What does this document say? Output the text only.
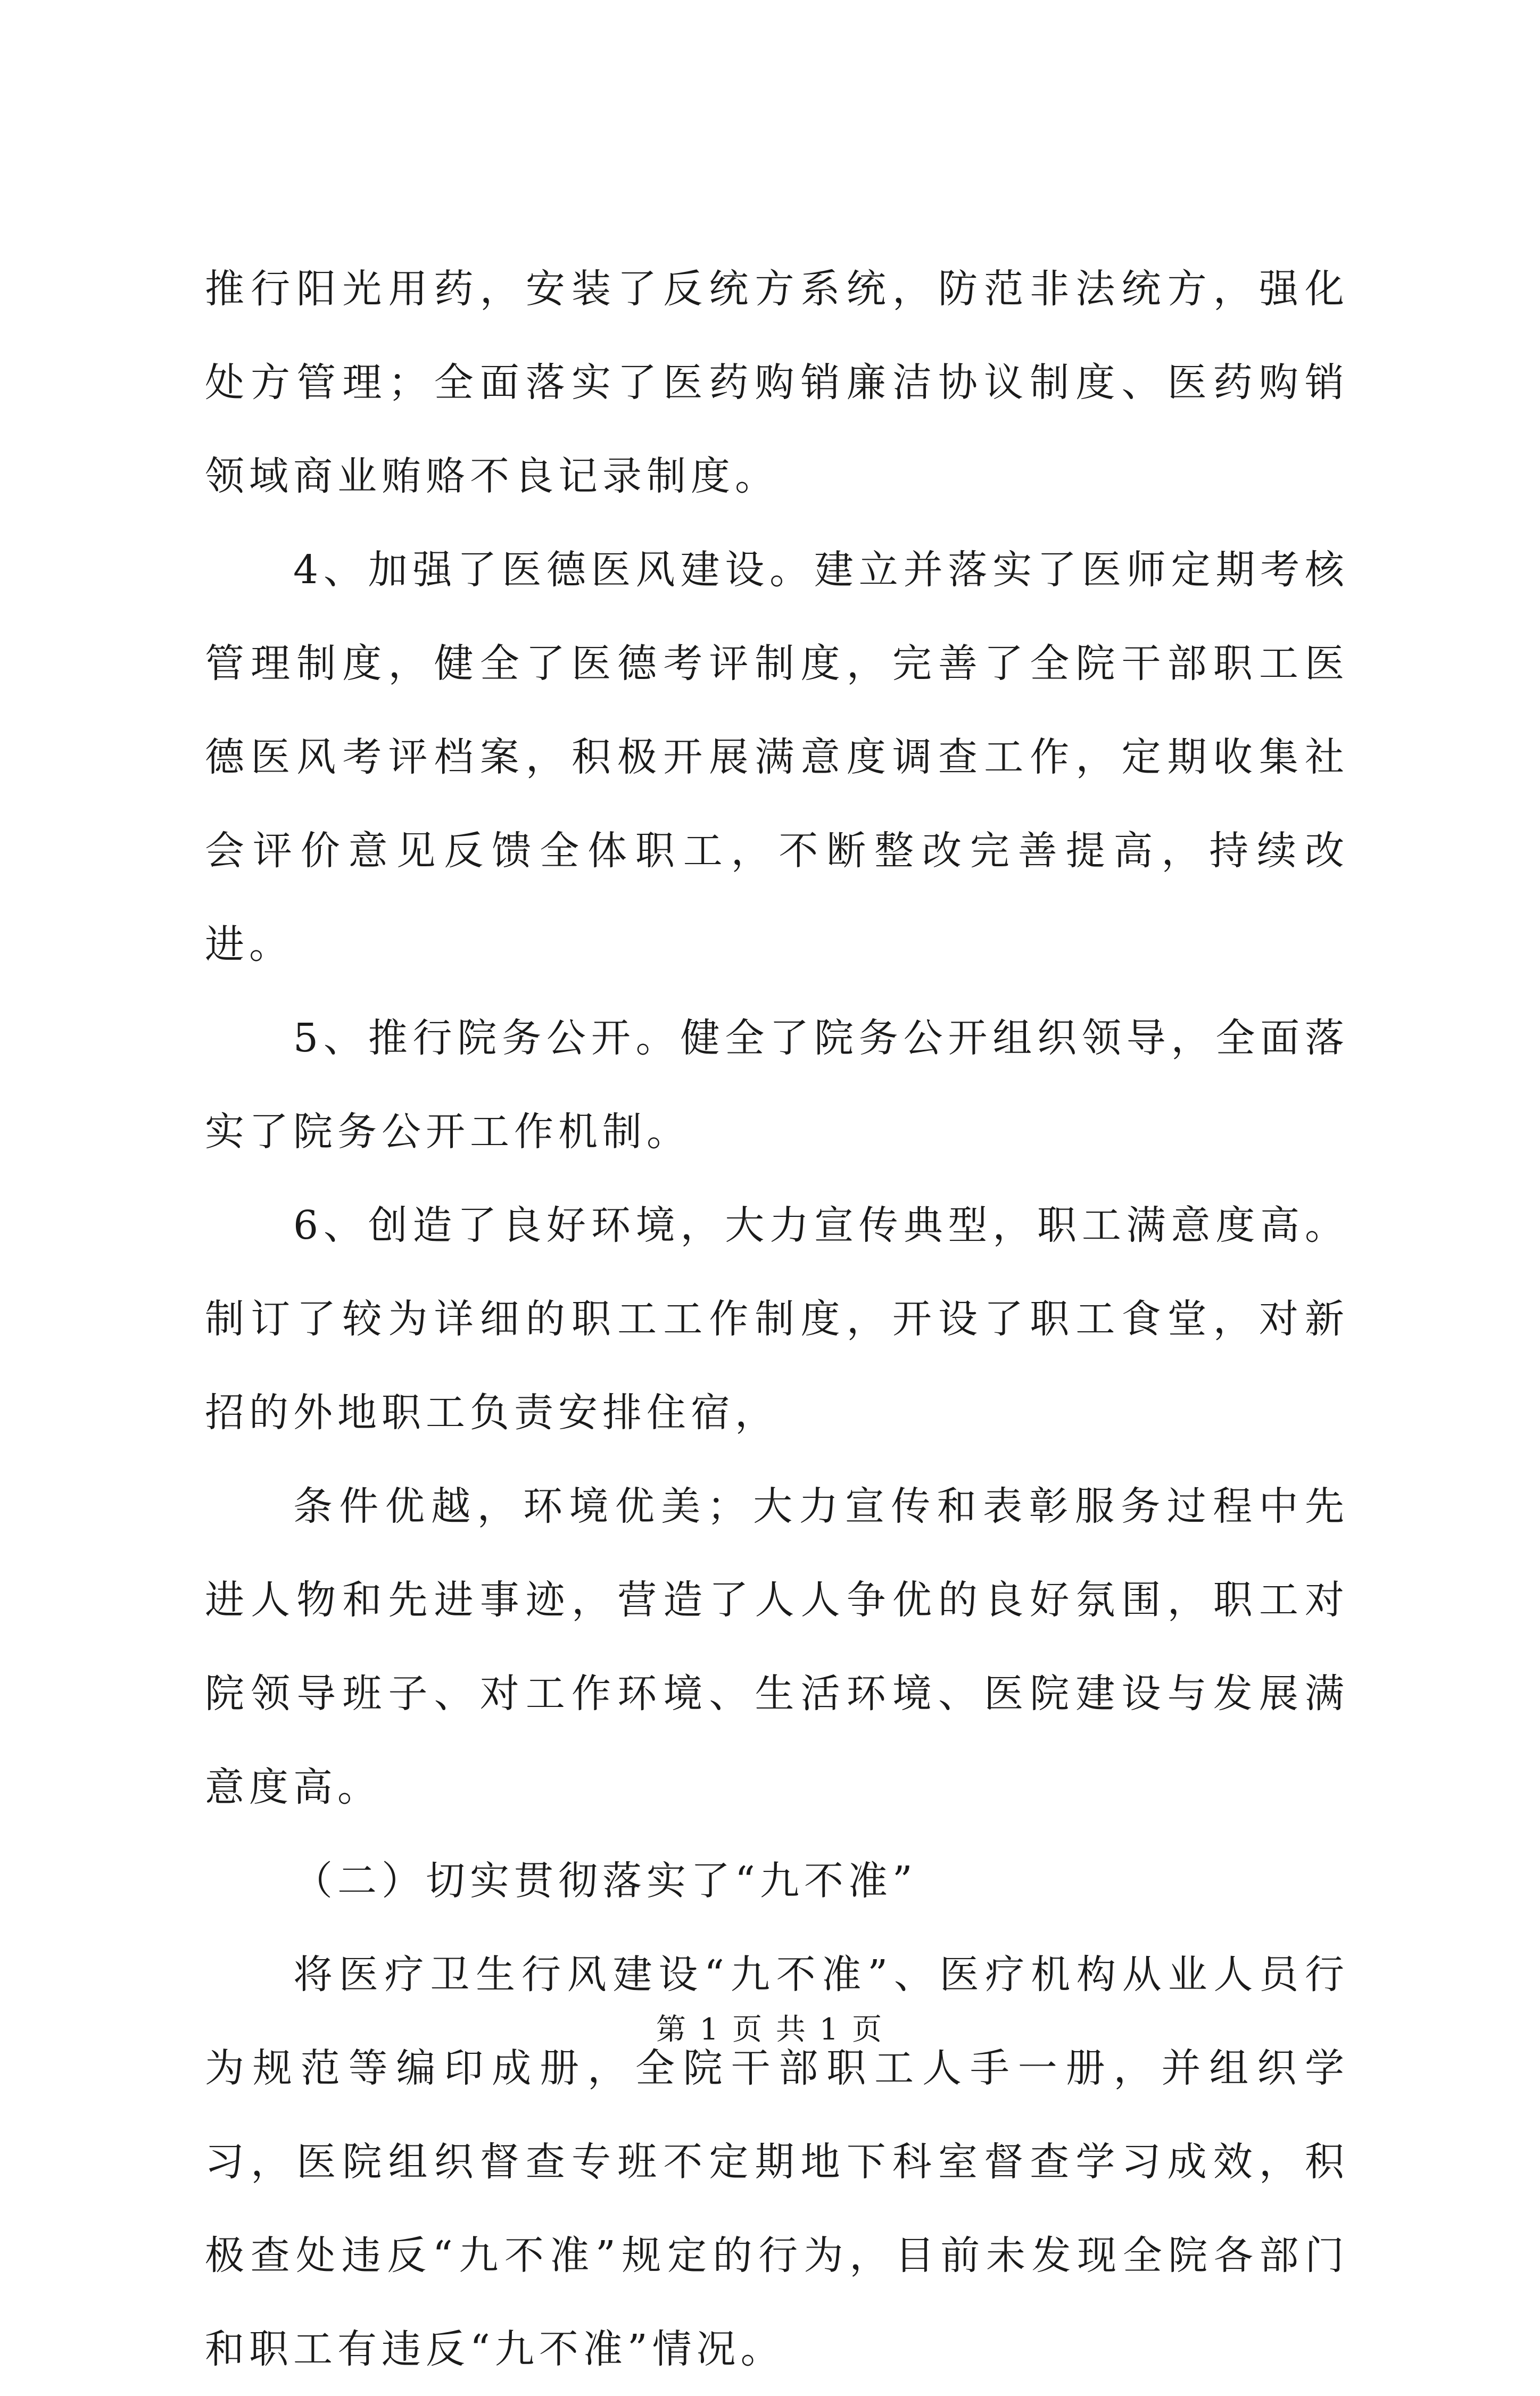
推行阳光用药，安装了反统方系统，防范非法统方，强化处方管理；全面落实了医药购销廉洁协议制度、医药购销领域商业贿赂不良记录制度。

4、加强了医德医风建设。建立并落实了医师定期考核管理制度，健全了医德考评制度，完善了全院干部职工医德医风考评档案，积极开展满意度调查工作，定期收集社会评价意见反馈全体职工，不断整改完善提高，持续改进。

5、推行院务公开。健全了院务公开组织领导，全面落实了院务公开工作机制。

6、创造了良好环境，大力宣传典型，职工满意度高。制订了较为详细的职工工作制度，开设了职工食堂，对新招的外地职工负责安排住宿，

条件优越，环境优美；大力宣传和表彰服务过程中先进人物和先进事迹，营造了人人争优的良好氛围，职工对院领导班子、对工作环境、生活环境、医院建设与发展满意度高。

（二）切实贯彻落实了“九不准”

将医疗卫生行风建设“九不准”、医疗机构从业人员行为规范等编印成册，全院干部职工人手一册，并组织学习，医院组织督查专班不定期地下科室督查学习成效，积极查处违反“九不准”规定的行为，目前未发现全院各部门和职工有违反“九不准”情况。

第 1 页 共 1 页
